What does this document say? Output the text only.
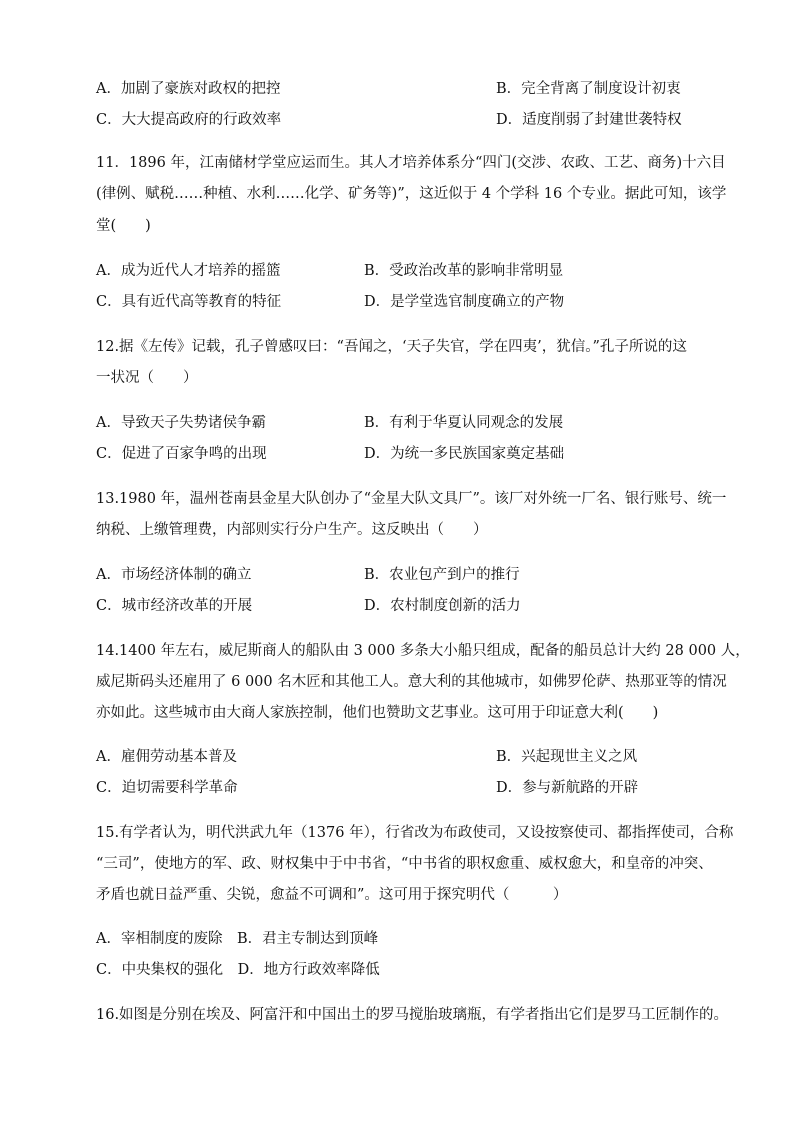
A．加剧了豪族对政权的把控	B．完全背离了制度设计初衷
C．大大提高政府的行政效率	D．适度削弱了封建世袭特权
11．1896 年，江南储材学堂应运而生。其人才培养体系分“四门(交涉、农政、工艺、商务)十六目
(律例、赋税……种植、水利……化学、矿务等)”，这近似于 4 个学科 16 个专业。据此可知，该学
堂(　　)
A．成为近代人才培养的摇篮	B．受政治改革的影响非常明显
C．具有近代高等教育的特征	D．是学堂选官制度确立的产物
12.据《左传》记载，孔子曾感叹曰：“吾闻之，‘天子失官，学在四夷’，犹信。”孔子所说的这
一状况（　　）
A．导致天子失势诸侯争霸	B．有利于华夏认同观念的发展
C．促进了百家争鸣的出现	D．为统一多民族国家奠定基础
13.1980 年，温州苍南县金星大队创办了“金星大队文具厂”。该厂对外统一厂名、银行账号、统一
纳税、上缴管理费，内部则实行分户生产。这反映出（　　）
A．市场经济体制的确立	B．农业包产到户的推行
C．城市经济改革的开展	D．农村制度创新的活力
14.1400 年左右，威尼斯商人的船队由 3 000 多条大小船只组成，配备的船员总计大约 28 000 人，
威尼斯码头还雇用了 6 000 名木匠和其他工人。意大利的其他城市，如佛罗伦萨、热那亚等的情况
亦如此。这些城市由大商人家族控制，他们也赞助文艺事业。这可用于印证意大利(　　)
A．雇佣劳动基本普及	B．兴起现世主义之风
C．迫切需要科学革命	D．参与新航路的开辟
15.有学者认为，明代洪武九年（1376 年），行省改为布政使司，又设按察使司、都指挥使司，合称
“三司”，使地方的军、政、财权集中于中书省，“中书省的职权愈重、威权愈大，和皇帝的冲突、
矛盾也就日益严重、尖锐，愈益不可调和”。这可用于探究明代（　　　）
A．宰相制度的废除　B．君主专制达到顶峰
C．中央集权的强化　D．地方行政效率降低
16.如图是分别在埃及、阿富汗和中国出土的罗马搅胎玻璃瓶，有学者指出它们是罗马工匠制作的。
